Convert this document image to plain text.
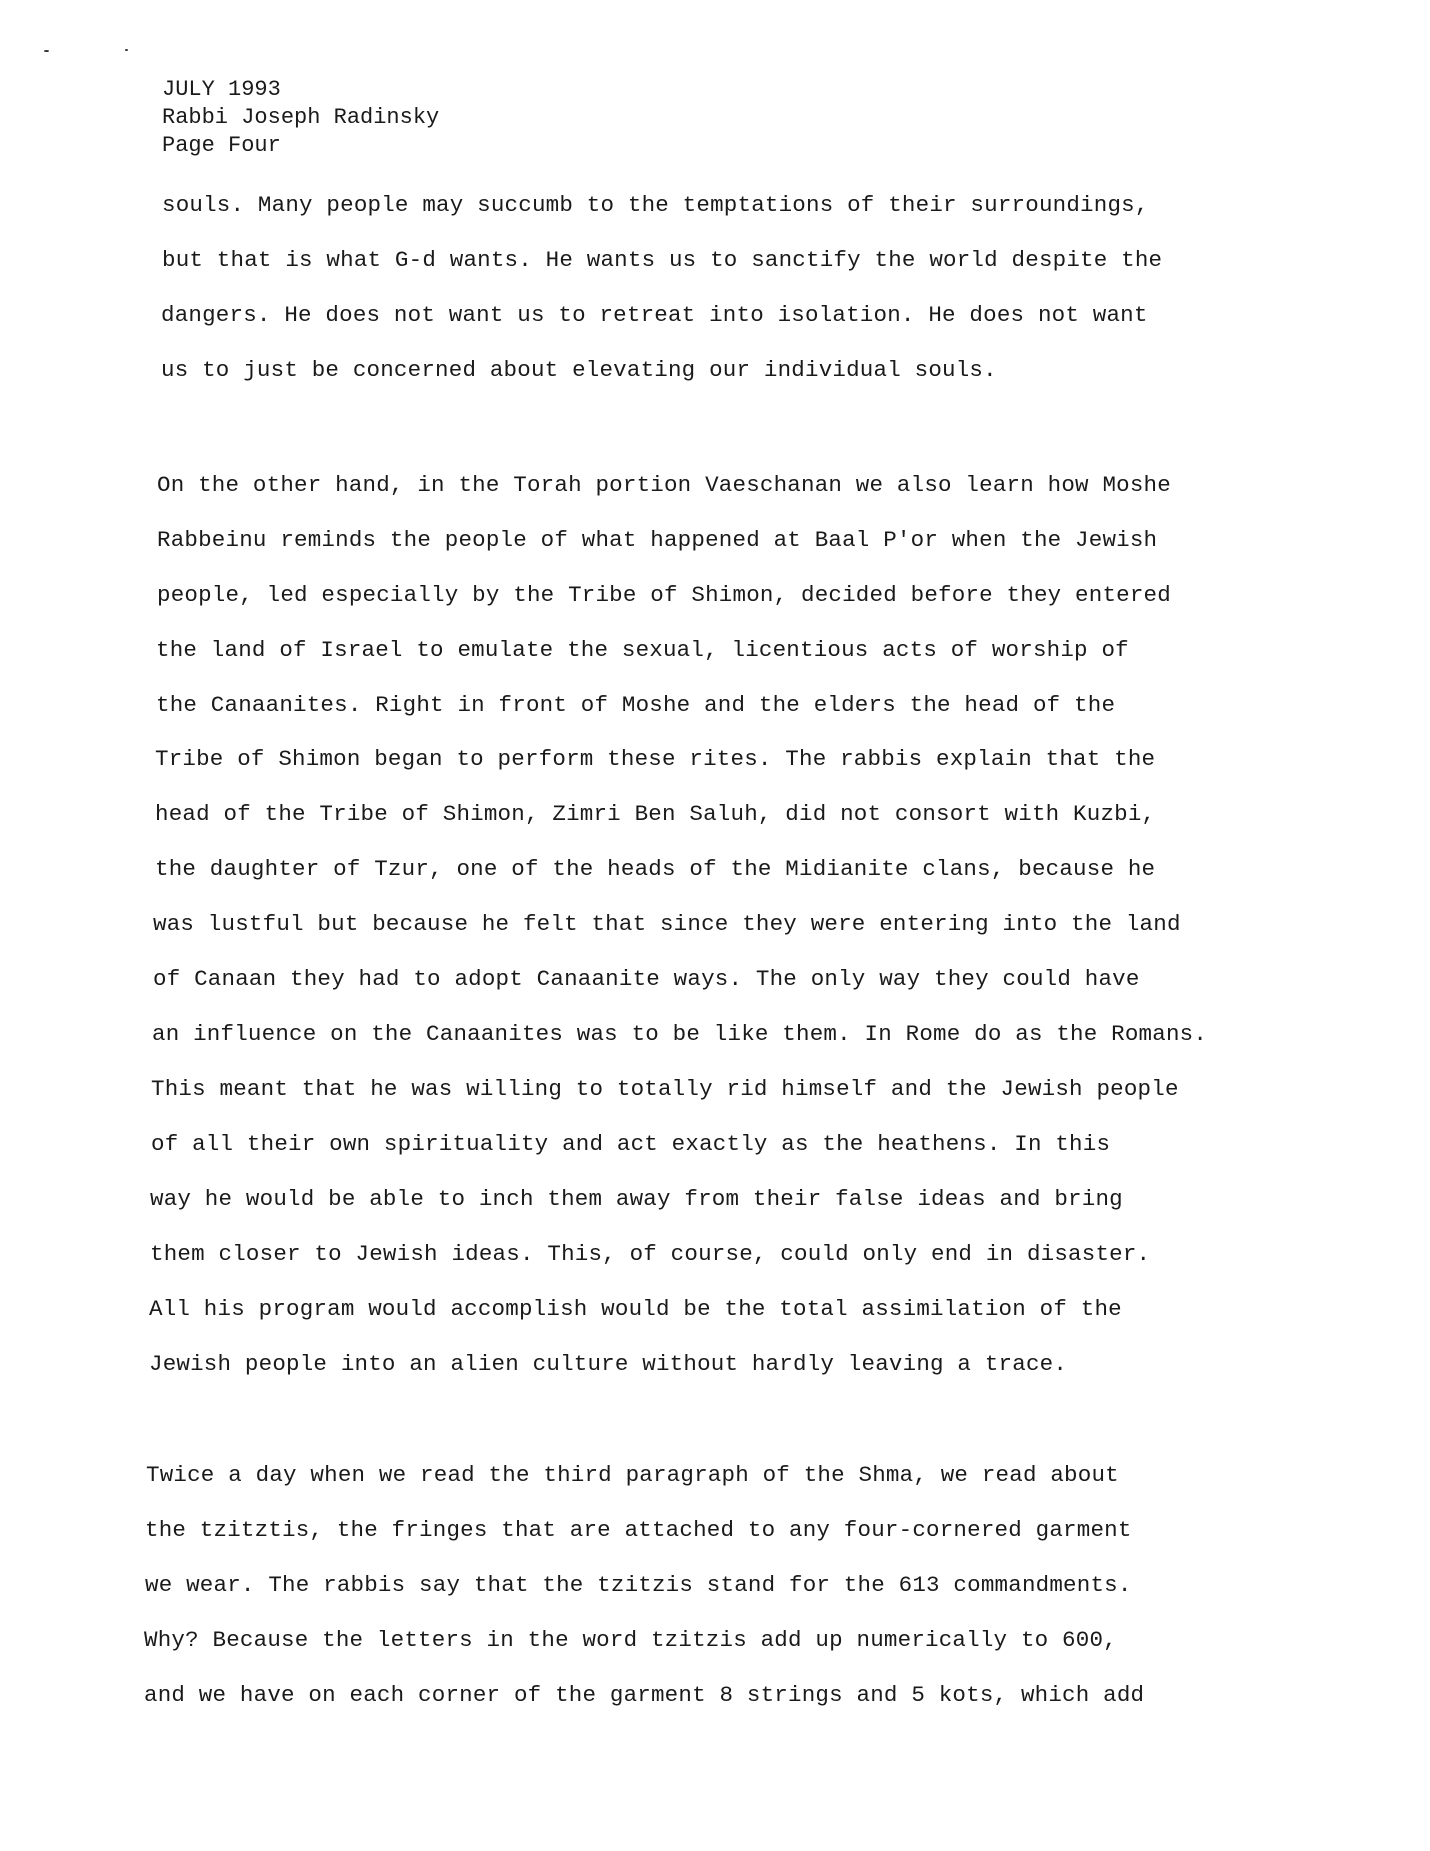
JULY 1993
Rabbi Joseph Radinsky
Page Four
souls. Many people may succumb to the temptations of their surroundings,
but that is what G-d wants. He wants us to sanctify the world despite the
dangers. He does not want us to retreat into isolation. He does not want
us to just be concerned about elevating our individual souls.
On the other hand, in the Torah portion Vaeschanan we also learn how Moshe
Rabbeinu reminds the people of what happened at Baal P'or when the Jewish
people, led especially by the Tribe of Shimon, decided before they entered
the land of Israel to emulate the sexual, licentious acts of worship of
the Canaanites. Right in front of Moshe and the elders the head of the
Tribe of Shimon began to perform these rites. The rabbis explain that the
head of the Tribe of Shimon, Zimri Ben Saluh, did not consort with Kuzbi,
the daughter of Tzur, one of the heads of the Midianite clans, because he
was lustful but because he felt that since they were entering into the land
of Canaan they had to adopt Canaanite ways. The only way they could have
an influence on the Canaanites was to be like them. In Rome do as the Romans.
This meant that he was willing to totally rid himself and the Jewish people
of all their own spirituality and act exactly as the heathens. In this
way he would be able to inch them away from their false ideas and bring
them closer to Jewish ideas. This, of course, could only end in disaster.
All his program would accomplish would be the total assimilation of the
Jewish people into an alien culture without hardly leaving a trace.
Twice a day when we read the third paragraph of the Shma, we read about
the tzitztis, the fringes that are attached to any four-cornered garment
we wear. The rabbis say that the tzitzis stand for the 613 commandments.
Why? Because the letters in the word tzitzis add up numerically to 600,
and we have on each corner of the garment 8 strings and 5 kots, which add
